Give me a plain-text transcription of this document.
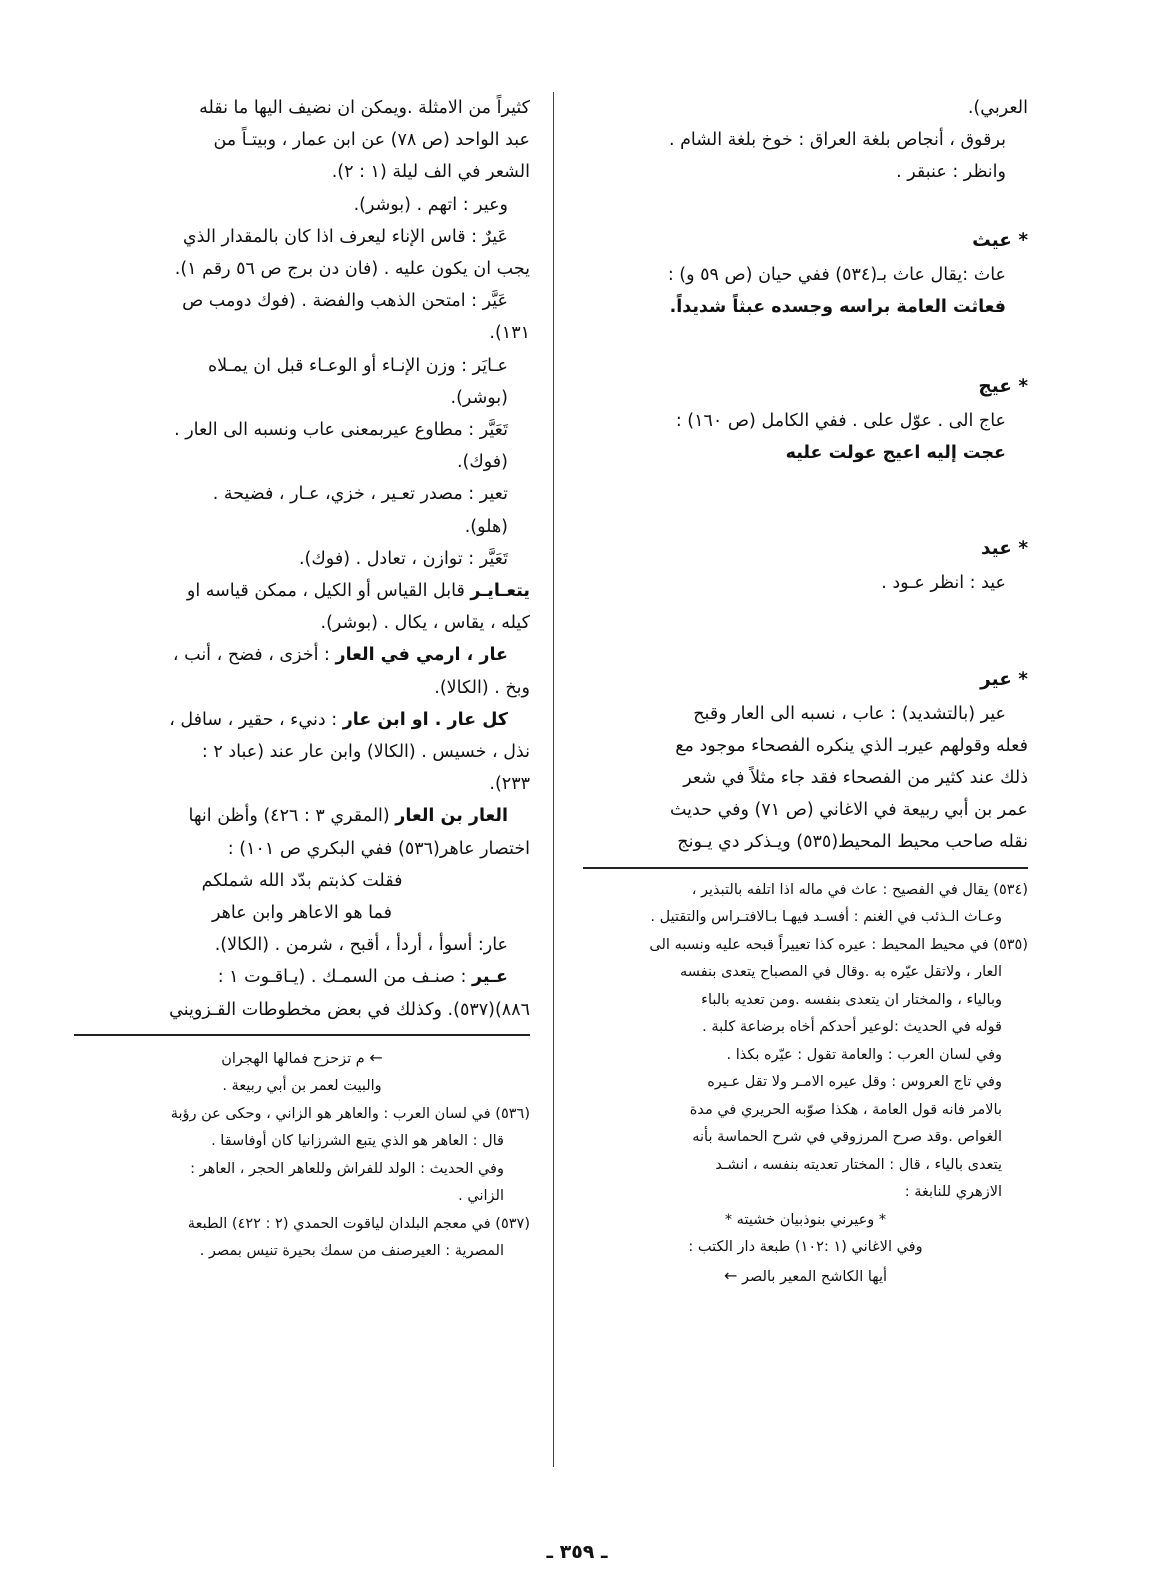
العربي).

برقوق ، أنجاص بلغة العراق : خوخ بلغة الشام .

وانظر : عنبقر .

* عيث

عاث :يقال عاث بـ(٥٣٤) ففي حيان (ص ٥٩ و) :

فعاثت العامة براسه وجسده عبثاً شديداً.

* عيج

عاج الى . عوّل على . ففي الكامل (ص ١٦٠) :

عجت إليه اعيج عولت عليه

* عيد

عيد : انظر عـود .

* عير

عير (بالتشديد) : عاب ، نسبه الى العار وقبح

فعله وقولهم عيربـ الذي ينكره الفصحاء موجود مع

ذلك عند كثير من الفصحاء فقد جاء مثلاً في شعر

عمر بن أبي ربيعة في الاغاني (ص ٧١) وفي حديث

نقله صاحب محيط المحيط(٥٣٥) ويـذكر دي يـونج

(٥٣٤) يقال في الفصيح : عاث في ماله اذا اتلفه بالتبذير ،

وعـاث الـذئب في الغنم : أفسـد فيهـا بـالافتـراس والتقتيل .

(٥٣٥) في محيط المحيط : عيره كذا تعييراً قبحه عليه ونسبه الى

العار ، ولاتقل عيّره به .وقال في المصباح يتعدى بنفسه

وبالياء ، والمختار ان يتعدى بنفسه .ومن تعديه بالباء

قوله في الحديث :لوعير أحدكم أخاه برضاعة كلبة .

وفي لسان العرب : والعامة تقول : عيّره بكذا .

وفي تاج العروس : وقل عيره الامـر ولا تقل عـيره

بالامر فانه قول العامة ، هكذا صوّبه الحريري في مدة

الغواص .وقد صرح المرزوقي في شرح الحماسة بأنه

يتعدى بالياء ، قال : المختار تعديته بنفسه ، انشـد

الازهري للنابغة :

* وعيرني بنوذبيان خشيته *

وفي الاغاني (١ :١٠٢) طبعة دار الكتب :

أيها الكاشح المعير بالصر ←

كثيراً من الامثلة .ويمكن ان نضيف اليها ما نقله

عبد الواحد (ص ٧٨) عن ابن عمار ، وبيتـاً من

الشعر في الف ليلة (١ : ٢).

وعير : اتهم . (بوشر).

عَيرٌ : قاس الإناء ليعرف اذا كان بالمقدار الذي

يجب ان يكون عليه . (فان دن برج ص ٥٦ رقم ١).

عَيَّر : امتحن الذهب والفضة . (فوك دومب ص

١٣١).

عـايَر : وزن الإنـاء أو الوعـاء قبل ان يمـلاه

(بوشر).

تَعَيَّر : مطاوع عيربمعنى عاب ونسبه الى العار .

(فوك).

تعير : مصدر تعـير ، خزي، عـار ، فضيحة .

(هلو).

تَعَيَّر : توازن ، تعادل . (فوك).

يتعـايـر قابل القياس أو الكيل ، ممكن قياسه او

كيله ، يقاس ، يكال . (بوشر).

عار ، ارمي في العار : أخزى ، فضح ، أنب ،

وبخ . (الكالا).

كل عار . او ابن عار : دنيء ، حقير ، سافل ،

نذل ، خسيس . (الكالا) وابن عار عند (عباد ٢ :

٢٣٣).

العار بن العار (المقري ٣ : ٤٢٦) وأظن انها

اختصار عاهر(٥٣٦) ففي البكري ص ١٠١) :

فقلت كذبتم بدّد الله شملكم

فما هو الاعاهر وابن عاهر

عار: أسوأ ، أردأ ، أقبح ، شرمن . (الكالا).

عـير : صنـف من السمـك . (يـاقـوت ١ :

٨٨٦)(٥٣٧). وكذلك في بعض مخطوطات القـزويني

← م تزحزح فمالها الهجران

والبيت لعمر بن أبي ربيعة .

(٥٣٦) في لسان العرب : والعاهر هو الزاني ، وحكى عن رؤبة

قال : العاهر هو الذي يتبع الشرزانيا كان أوفاسقا .

وفي الحديث : الولد للفراش وللعاهر الحجر ، العاهر :

الزاني .

(٥٣٧) في معجم البلدان لياقوت الحمدي (٢ : ٤٢٢) الطبعة

المصرية : العيرصنف من سمك بحيرة تنيس بمصر .

ـ ٣٥٩ ـ
